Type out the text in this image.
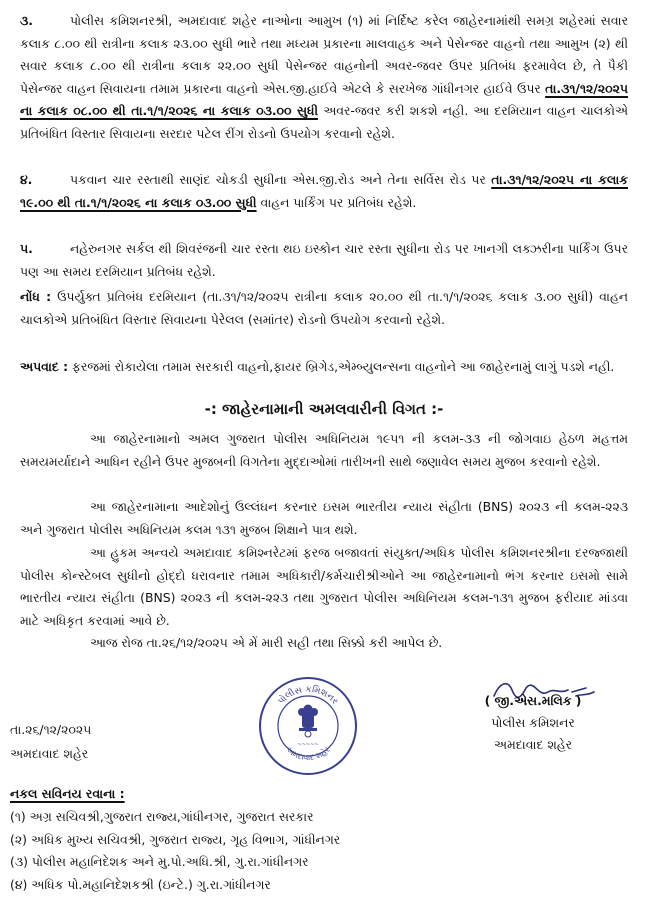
૩.	પોલીસ કમિશનરશ્રી, અમદાવાદ શહેર નાઓના આમુખ (૧) માં નિર્દિષ્ટ કરેલ જાહેરનામાંથી સમગ્ર શહેરમાં સવાર કલાક ૮.૦૦ થી રાત્રીના કલાક ૨૩.૦૦ સુધી ભારે તથા મધ્યમ પ્રકારના માલવાહક અને પેસેન્જર વાહનો તથા આમુખ (૨) થી સવાર કલાક ૮.૦૦ થી રાત્રીના કલાક ૨૨.૦૦ સુધી પેસેન્જર વાહનોની અવર-જવર ઉપર પ્રતિબંધ ફરમાવેલ છે, તે પૈકી પેસેન્જર વાહન સિવાયના તમામ પ્રકારના વાહનો એસ.જી.હાઈવે એટલે કે સરખેજ ગાંધીનગર હાઈવે ઉપર તા.૩૧/૧૨/૨૦૨૫ ના કલાક ૦૮.૦૦ થી તા.૧/૧/૨૦૨૬ ના કલાક ૦૩.૦૦ સુધી અવર-જવર કરી શકશે નહી. આ દરમિયાન વાહન ચાલકોએ પ્રતિબંધિત વિસ્તાર સિવાયના સરદાર પટેલ રીંગ રોડનો ઉપયોગ કરવાનો રહેશે.
૪.	પકવાન ચાર રસ્તાથી સાણંદ ચોકડી સુધીના એસ.જી.રોડ અને તેના સર્વિસ રોડ પર તા.૩૧/૧૨/૨૦૨૫ ના કલાક ૧૯.૦૦ થી તા.૧/૧/૨૦૨૬ ના કલાક ૦૩.૦૦ સુધી વાહન પાર્કિંગ પર પ્રતિબંધ રહેશે.
૫.	નહેરુનગર સર્કલ થી શિવરંજની ચાર રસ્તા થઇ ઇસ્કોન ચાર રસ્તા સુધીના રોડ પર ખાનગી લક્ઝરીના પાર્કિંગ ઉપર પણ આ સમય દરમિયાન પ્રતિબંધ રહેશે.
નોંધ : ઉપર્યુક્ત પ્રતિબંધ દરમિયાન (તા.૩૧/૧૨/૨૦૨૫ રાત્રીના કલાક ૨૦.૦૦ થી તા.૧/૧/૨૦૨૬ કલાક ૩.૦૦ સુધી) વાહન ચાલકોએ પ્રતિબંધિત વિસ્તાર સિવાયના પેરેલલ (સમાંતર) રોડનો ઉપયોગ કરવાનો રહેશે.
અપવાદ : ફરજમાં રોકાયેલા તમામ સરકારી વાહનો,ફાયર બ્રિગેડ,એમ્બ્યુલન્સના વાહનોને આ જાહેરનામું લાગું પડશે નહી.
-: જાહેરનામાની અમલવારીની વિગત :-
આ જાહેરનામાનો અમલ ગુજરાત પોલીસ અધિનિયમ ૧૯૫૧ ની કલમ-૩૩ ની જોગવાઇ હેઠળ મહત્તમ સમયમર્યાદાને આધિન રહીને ઉપર મુજબની વિગતેના મુદ્દાઓમાં તારીખની સાથે જણાવેલ સમય મુજબ કરવાનો રહેશે.
આ જાહેરનામાના આદેશોનું ઉલ્લંઘન કરનાર ઇસમ ભારતીય ન્યાય સંહીતા (BNS) ૨૦૨૩ ની કલમ-૨૨૩ અને ગુજરાત પોલીસ અધિનિયમ કલમ ૧૩૧ મુજબ શિક્ષાને પાત્ર થશે.
આ હુકમ અન્વયે અમદાવાદ કમિશ્નરેટમાં ફરજ બજાવતાં સંયુક્ત/અધિક પોલીસ કમિશનરશ્રીના દરજ્જાથી પોલીસ કોન્સ્ટેબલ સુધીનો હોદ્દો ધરાવનાર તમામ અધિકારી/કર્મચારીશ્રીઓને આ જાહેરનામાનો ભંગ કરનાર ઇસમો સામે ભારતીય ન્યાય સંહીતા (BNS) ૨૦૨૩ ની કલમ-૨૨૩ તથા ગુજરાત પોલીસ અધિનિયમ કલમ-૧૩૧ મુજબ ફરીયાદ માંડવા માટે અધિકૃત કરવામાં આવે છે.
આજ રોજ તા.૨૬/૧૨/૨૦૨૫ એ મેં મારી સહી તથા સિક્કો કરી આપેલ છે.
પોલીસ કમિશનર
અમદાવાદ શહેર
~~~~~
તા.૨૬/૧૨/૨૦૨૫
અમદાવાદ શહેર
( જી.એસ.મલિક )
પોલીસ કમિશનર
અમદાવાદ શહેર
નકલ સવિનય રવાના :
(૧) અગ્ર સચિવશ્રી,ગુજરાત રાજ્ય,ગાંધીનગર, ગુજરાત સરકાર
(૨) અધિક મુખ્ય સચિવશ્રી, ગુજરાત રાજ્ય, ગૃહ વિભાગ, ગાંધીનગર
(૩) પોલીસ મહાનિદેશક અને મુ.પો.અધિ.શ્રી, ગુ.રા.ગાંધીનગર
(૪) અધિક પો.મહાનિદેશકશ્રી (ઇન્ટે.) ગુ.રા.ગાંધીનગર
